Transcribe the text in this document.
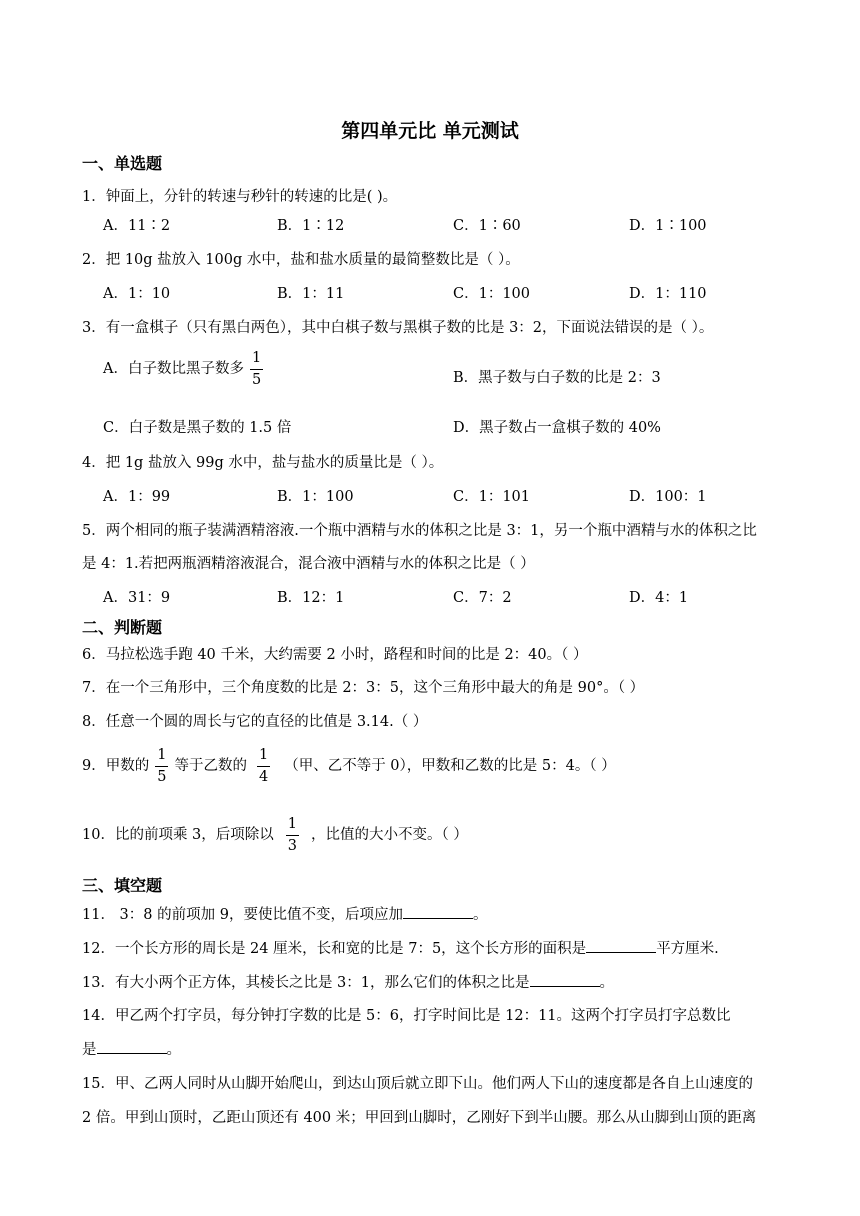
第四单元比 单元测试
一、单选题
1．钟面上，分针的转速与秒针的转速的比是( )。
A．11∶2	B．1∶12	C．1∶60	D．1∶100
2．把 10g 盐放入 100g 水中，盐和盐水质量的最简整数比是（ ）。
A．1：10	B．1：11	C．1：100	D．1：110
3．有一盒棋子（只有黑白两色），其中白棋子数与黑棋子数的比是 3：2，下面说法错误的是（ ）。
A．白子数比黑子数多 $\frac{1}{5}$	B．黑子数与白子数的比是 2：3
C．白子数是黑子数的 1.5 倍	D．黑子数占一盒棋子数的 40%
4．把 1g 盐放入 99g 水中，盐与盐水的质量比是（ ）。
A．1：99	B．1：100	C．1：101	D．100：1
5．两个相同的瓶子装满酒精溶液.一个瓶中酒精与水的体积之比是 3：1，另一个瓶中酒精与水的体积之比
是 4：1.若把两瓶酒精溶液混合，混合液中酒精与水的体积之比是（ ）
A．31：9	B．12：1	C．7：2	D．4：1
二、判断题
6．马拉松选手跑 40 千米，大约需要 2 小时，路程和时间的比是 2：40。（ ）
7．在一个三角形中，三个角度数的比是 2：3：5，这个三角形中最大的角是 90°。（ ）
8．任意一个圆的周长与它的直径的比值是 3.14.（ ）
9．甲数的 $\frac{1}{5}$ 等于乙数的 $\frac{1}{4}$ （甲、乙不等于 0），甲数和乙数的比是 5：4。（ ）
10．比的前项乘 3，后项除以 $\frac{1}{3}$ ，比值的大小不变。（ ）
三、填空题
11． 3：8 的前项加 9，要使比值不变，后项应加	。
12．一个长方形的周长是 24 厘米，长和宽的比是 7：5，这个长方形的面积是	平方厘米.
13．有大小两个正方体，其棱长之比是 3：1，那么它们的体积之比是	。
14．甲乙两个打字员，每分钟打字数的比是 5：6，打字时间比是 12：11。这两个打字员打字总数比
是	。
15．甲、乙两人同时从山脚开始爬山，到达山顶后就立即下山。他们两人下山的速度都是各自上山速度的
2 倍。甲到山顶时，乙距山顶还有 400 米；甲回到山脚时，乙刚好下到半山腰。那么从山脚到山顶的距离
